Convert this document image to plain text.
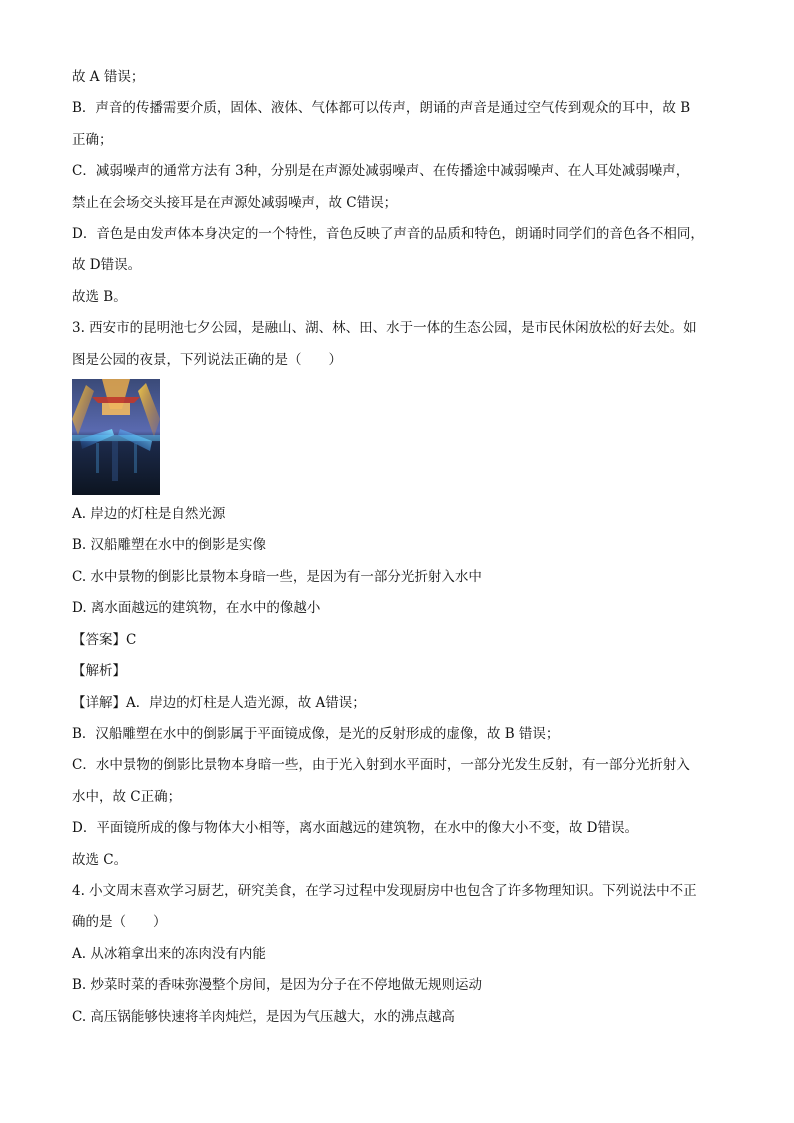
故 A 错误；
B．声音的传播需要介质，固体、液体、气体都可以传声，朗诵的声音是通过空气传到观众的耳中，故 B
正确；
C．减弱噪声的通常方法有 3种，分别是在声源处减弱噪声、在传播途中减弱噪声、在人耳处减弱噪声，
禁止在会场交头接耳是在声源处减弱噪声，故 C错误；
D．音色是由发声体本身决定的一个特性，音色反映了声音的品质和特色，朗诵时同学们的音色各不相同，
故 D错误。
故选 B。
3. 西安市的昆明池七夕公园，是融山、湖、林、田、水于一体的生态公园，是市民休闲放松的好去处。如
图是公园的夜景，下列说法正确的是（　　）
A. 岸边的灯柱是自然光源
B. 汉船雕塑在水中的倒影是实像
C. 水中景物的倒影比景物本身暗一些，是因为有一部分光折射入水中
D. 离水面越远的建筑物，在水中的像越小
【答案】C
【解析】
【详解】A．岸边的灯柱是人造光源，故 A错误；
B．汉船雕塑在水中的倒影属于平面镜成像，是光的反射形成的虚像，故 B 错误；
C．水中景物的倒影比景物本身暗一些，由于光入射到水平面时，一部分光发生反射，有一部分光折射入
水中，故 C正确；
D．平面镜所成的像与物体大小相等，离水面越远的建筑物，在水中的像大小不变，故 D错误。
故选 C。
4. 小文周末喜欢学习厨艺，研究美食，在学习过程中发现厨房中也包含了许多物理知识。下列说法中不正
确的是（　　）
A. 从冰箱拿出来的冻肉没有内能
B. 炒菜时菜的香味弥漫整个房间，是因为分子在不停地做无规则运动
C. 高压锅能够快速将羊肉炖烂，是因为气压越大，水的沸点越高
